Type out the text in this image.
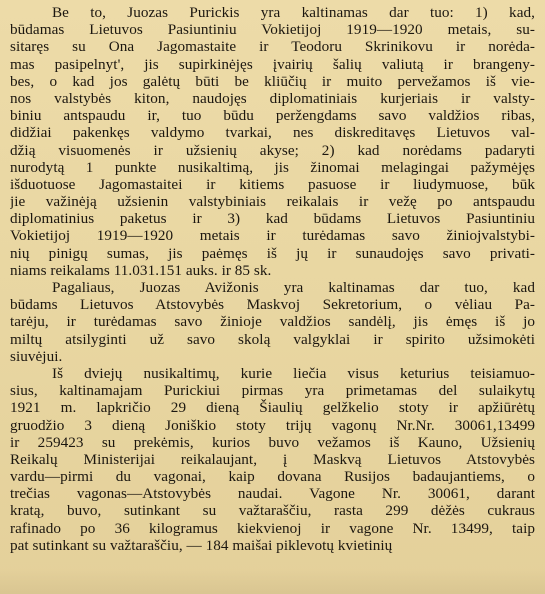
Be to, Juozas Purickis yra kaltinamas dar tuo: 1) kad,
būdamas Lietuvos Pasiuntiniu Vokietijoj 1919—1920 metais, su-
sitaręs su Ona Jagomastaite ir Teodoru Skrinikovu ir norėda-
mas pasipelnyt', jis supirkinėjęs įvairių šalių valiutą ir brangeny-
bes, o kad jos galėtų būti be kliūčių ir muito pervežamos iš vie-
nos valstybės kiton, naudojęs diplomatiniais kurjeriais ir valsty-
biniu antspaudu ir, tuo būdu peržengdams savo valdžios ribas,
didžiai pakenkęs valdymo tvarkai, nes diskreditavęs Lietuvos val-
džią visuomenės ir užsienių akyse; 2) kad norėdams padaryti
nurodytą 1 punkte nusikaltimą, jis žinomai melagingai pažymėjęs
išduotuose Jagomastaitei ir kitiems pasuose ir liudymuose, būk
jie važinėją užsienin valstybiniais reikalais ir vežę po antspaudu
diplomatinius paketus ir 3) kad būdams Lietuvos Pasiuntiniu
Vokietijoj 1919—1920 metais ir turėdamas savo žiniojvalstybi-
nių pinigų sumas, jis paėmęs iš jų ir sunaudojęs savo privati-
niams reikalams 11.031.151 auks. ir 85 sk.
Pagaliaus, Juozas Avižonis yra kaltinamas dar tuo, kad
būdams Lietuvos Atstovybės Maskvoj Sekretorium, o vėliau Pa-
tarėju, ir turėdamas savo žinioje valdžios sandėlį, jis ėmęs iš jo
miltų atsilyginti už savo skolą valgyklai ir spirito užsimokėti
siuvėjui.
Iš dviejų nusikaltimų, kurie liečia visus keturius teisiamuo-
sius, kaltinamajam Purickiui pirmas yra primetamas del sulaikytų
1921 m. lapkričio 29 dieną Šiaulių gelžkelio stoty ir apžiūrėtų
gruodžio 3 dieną Joniškio stoty trijų vagonų Nr.Nr. 30061,13499
ir 259423 su prekėmis, kurios buvo vežamos iš Kauno, Užsienių
Reikalų Ministerijai reikalaujant, į Maskvą Lietuvos Atstovybės
vardu—pirmi du vagonai, kaip dovana Rusijos badaujantiems, o
trečias vagonas—Atstovybės naudai. Vagone Nr. 30061, darant
kratą, buvo, sutinkant su važtaraščiu, rasta 299 dėžės cukraus
rafinado po 36 kilogramus kiekvienoj ir vagone Nr. 13499, taip
pat sutinkant su važtaraščiu, — 184 maišai piklevotų kvietinių
